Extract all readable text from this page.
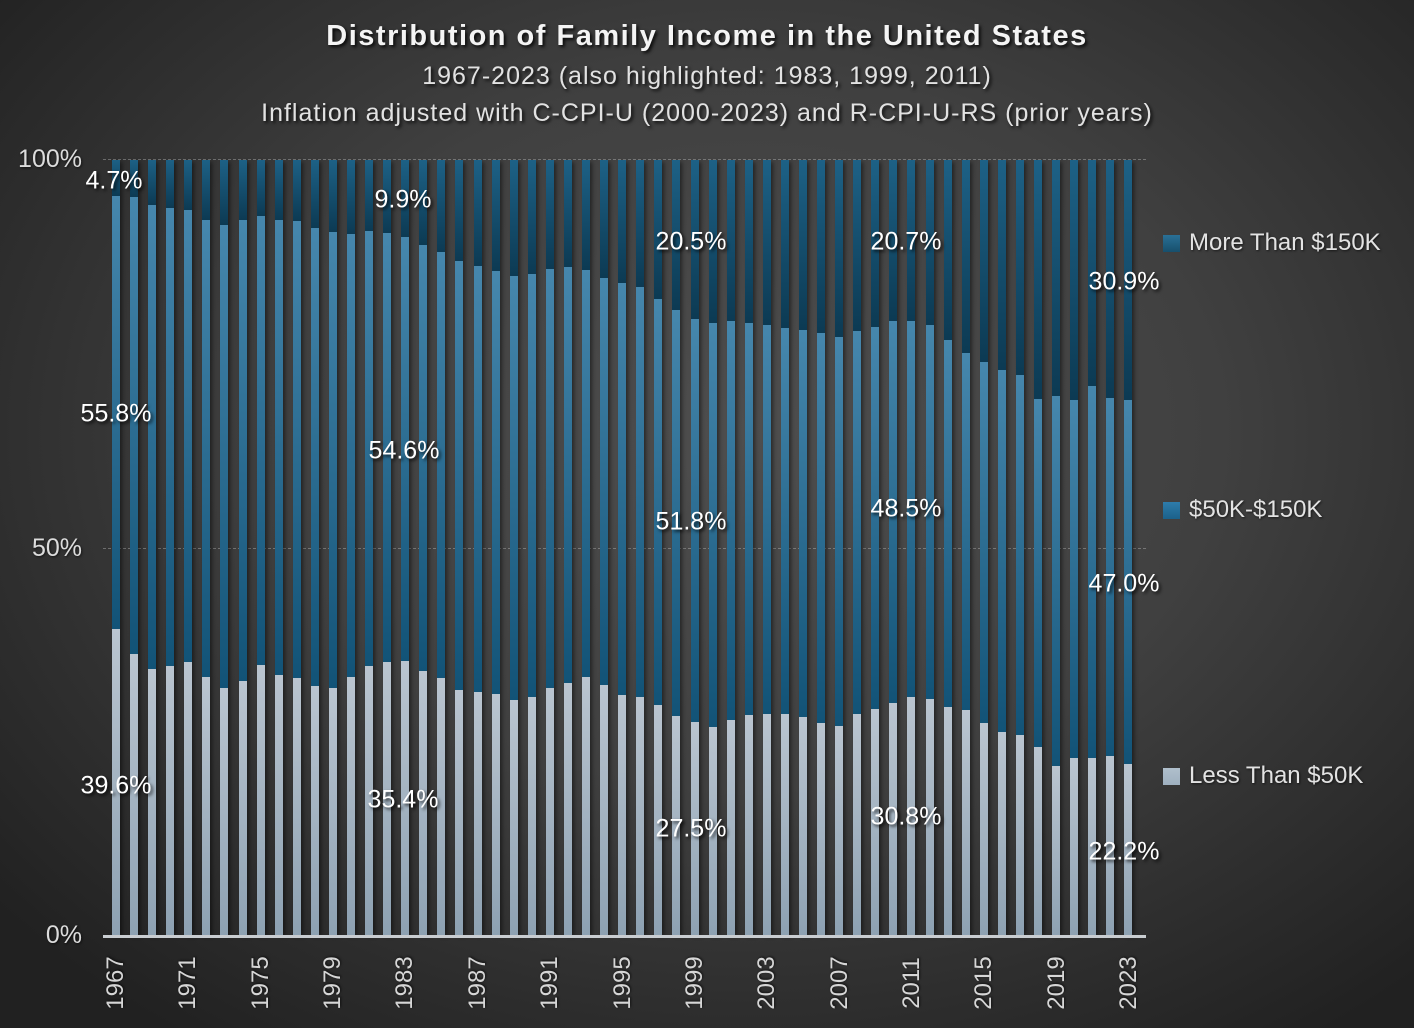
Distribution of Family Income in the United States
1967-2023 (also highlighted: 1983, 1999, 2011)
Inflation adjusted with C-CPI-U (2000-2023) and R-CPI-U-RS (prior years)
100%
50%
0%
1967 1971 1975 1979 1983 1987 1991 1995 1999 2003 2007 2011 2015 2019 2023
4.7%
55.8%
39.6%
9.9%
54.6%
35.4%
20.5%
51.8%
27.5%
20.7%
48.5%
30.8%
30.9%
47.0%
22.2%
More Than $150K
$50K-$150K
Less Than $50K
